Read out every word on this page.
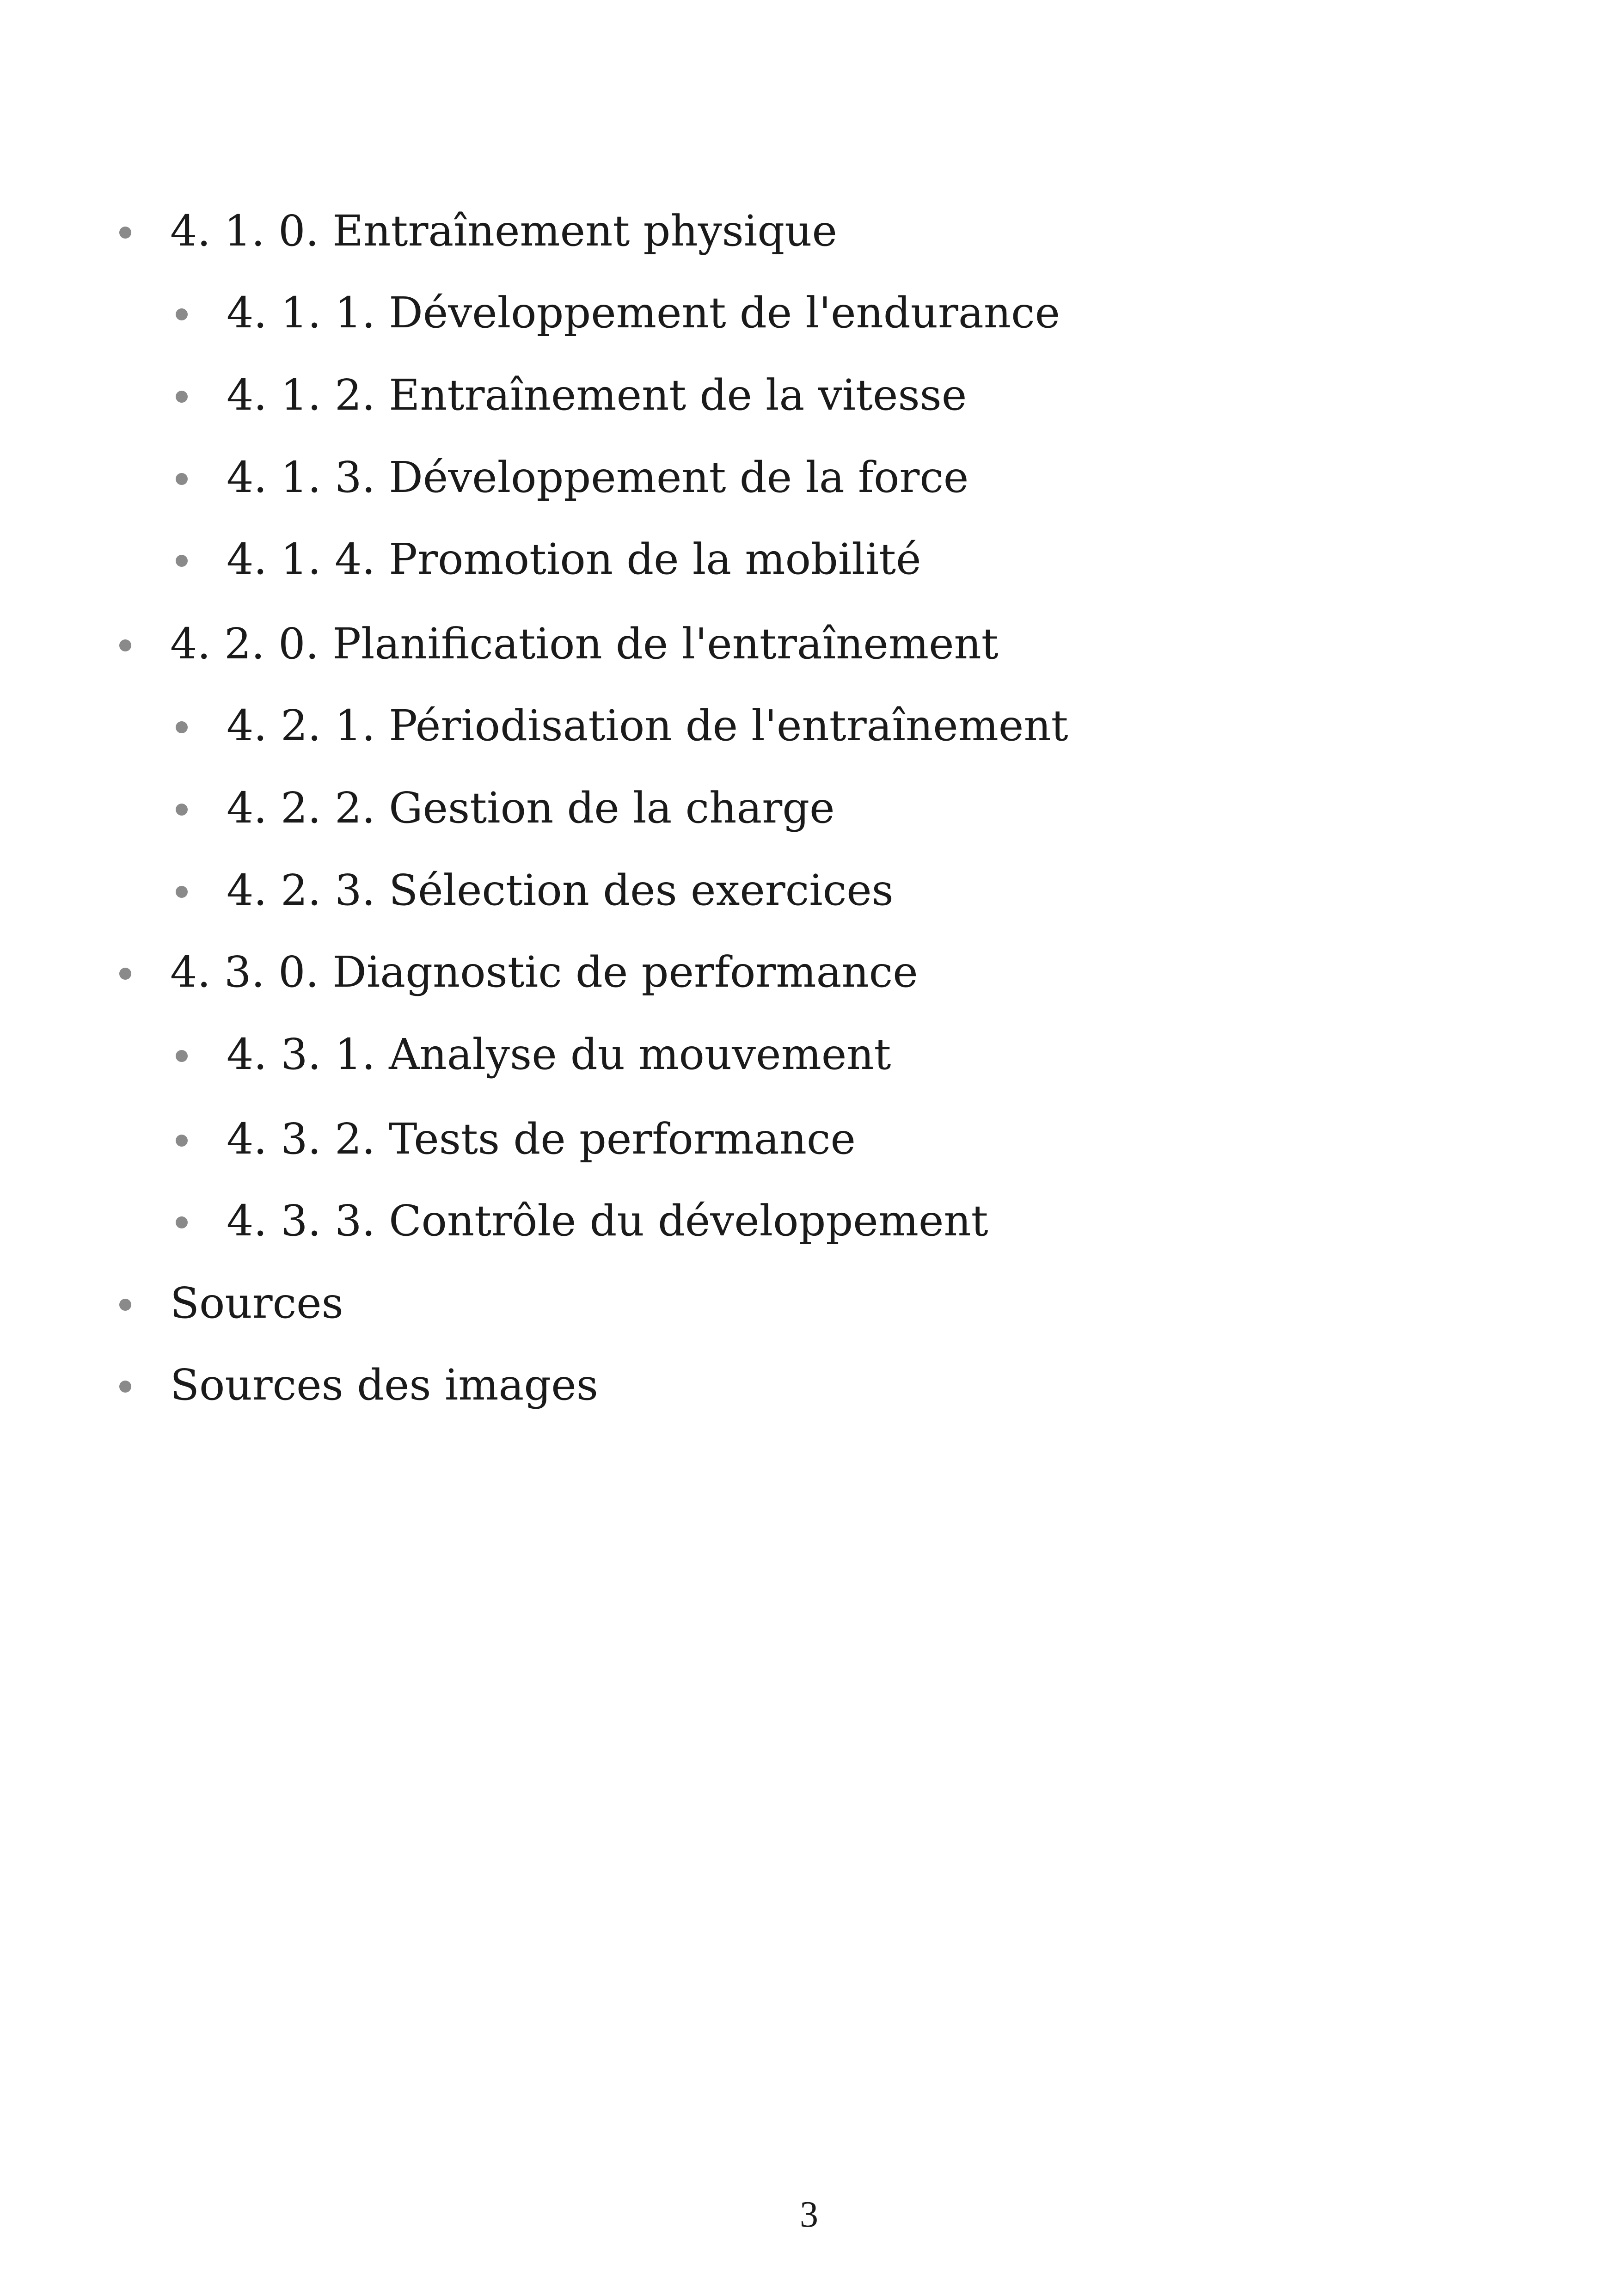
4. 1. 0. Entraînement physique
4. 1. 1. Développement de l'endurance
4. 1. 2. Entraînement de la vitesse
4. 1. 3. Développement de la force
4. 1. 4. Promotion de la mobilité
4. 2. 0. Planification de l'entraînement
4. 2. 1. Périodisation de l'entraînement
4. 2. 2. Gestion de la charge
4. 2. 3. Sélection des exercices
4. 3. 0. Diagnostic de performance
4. 3. 1. Analyse du mouvement
4. 3. 2. Tests de performance
4. 3. 3. Contrôle du développement
Sources
Sources des images
3
